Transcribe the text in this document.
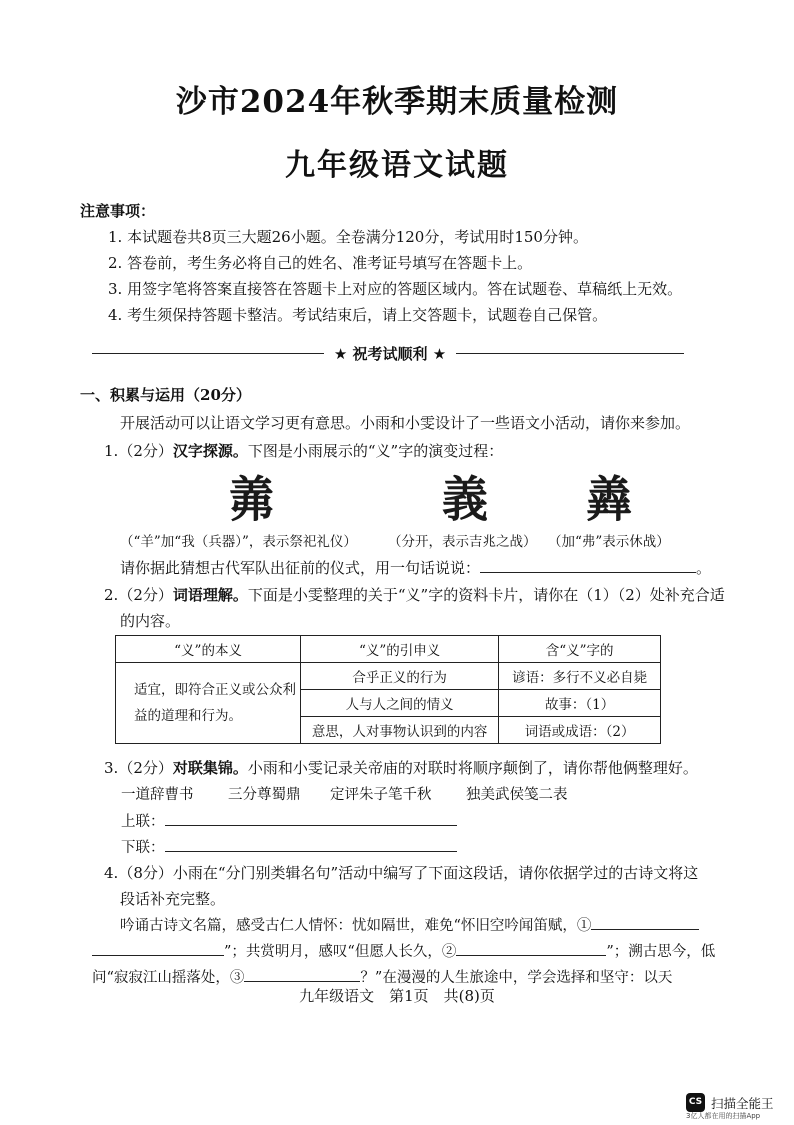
沙市2024年秋季期末质量检测
九年级语文试题
注意事项：
1. 本试题卷共8页三大题26小题。全卷满分120分，考试用时150分钟。
2. 答卷前，考生务必将自己的姓名、准考证号填写在答题卡上。
3. 用签字笔将答案直接答在答题卡上对应的答题区域内。答在试题卷、草稿纸上无效。
4. 考生须保持答题卡整洁。考试结束后，请上交答题卡，试题卷自己保管。
★ 祝考试顺利 ★
一、积累与运用（20分）
开展活动可以让语文学习更有意思。小雨和小雯设计了一些语文小活动，请你来参加。
1.（2分）汉字探源。下图是小雨展示的“义”字的演变过程：
羛	義 羴
（“羊”加“我（兵器）”，表示祭祀礼仪） （分开，表示吉兆之战） （加“弗”表示休战）
请你据此猜想古代军队出征前的仪式，用一句话说说：	。
2.（2分）词语理解。下面是小雯整理的关于“义”字的资料卡片，请你在（1）（2）处补充合适
的内容。
“义”的本义	“义”的引申义	含“义”字的
适宜，即符合正义或公众利益的道理和行为。	合乎正义的行为	谚语：多行不义必自毙
	人与人之间的情义	故事：（1）
	意思，人对事物认识到的内容	词语或成语：（2）
3.（2分）对联集锦。小雨和小雯记录关帝庙的对联时将顺序颠倒了，请你帮他俩整理好。
一道辞曹书 三分尊蜀鼎 定评朱子笔千秋 独美武侯笺二表
上联：
下联：
4.（8分）小雨在“分门别类辑名句”活动中编写了下面这段话，请你依据学过的古诗文将这
段话补充完整。
吟诵古诗文名篇，感受古仁人情怀：忧如隔世，难免“怀旧空吟闻笛赋，①
”；共赏明月，感叹“但愿人长久，②	”；溯古思今，低
问“寂寂江山摇落处，③	？”在漫漫的人生旅途中，学会选择和坚守：以天
九年级语文　第1页　共(8)页
CS 扫描全能王
3亿人都在用的扫描App
